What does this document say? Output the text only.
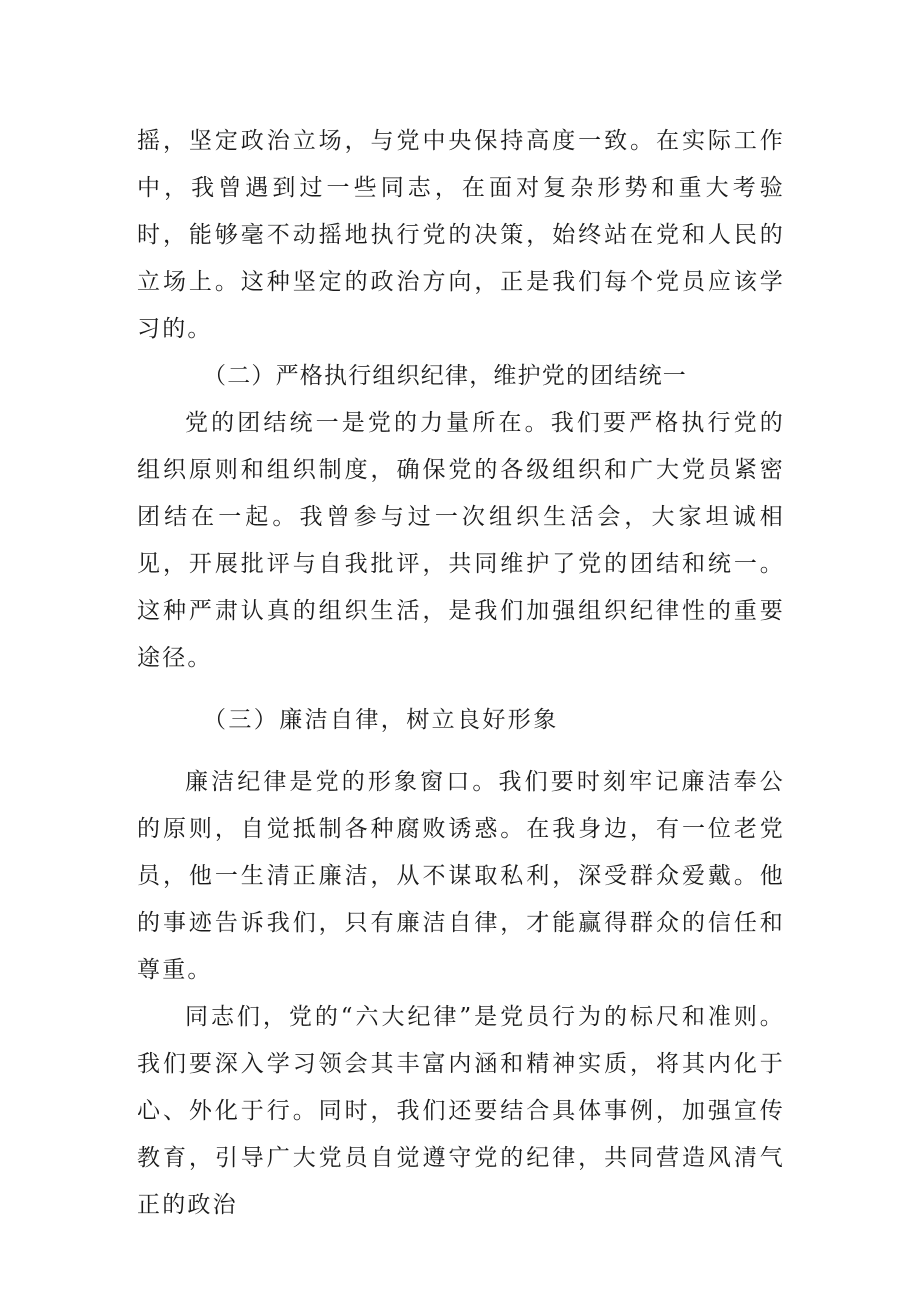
摇，坚定政治立场，与党中央保持高度一致。在实际工作中，我曾遇到过一些同志，在面对复杂形势和重大考验时，能够毫不动摇地执行党的决策，始终站在党和人民的立场上。这种坚定的政治方向，正是我们每个党员应该学习的。

（二）严格执行组织纪律，维护党的团结统一

党的团结统一是党的力量所在。我们要严格执行党的组织原则和组织制度，确保党的各级组织和广大党员紧密团结在一起。我曾参与过一次组织生活会，大家坦诚相见，开展批评与自我批评，共同维护了党的团结和统一。这种严肃认真的组织生活，是我们加强组织纪律性的重要途径。

（三）廉洁自律，树立良好形象

廉洁纪律是党的形象窗口。我们要时刻牢记廉洁奉公的原则，自觉抵制各种腐败诱惑。在我身边，有一位老党员，他一生清正廉洁，从不谋取私利，深受群众爱戴。他的事迹告诉我们，只有廉洁自律，才能赢得群众的信任和尊重。

同志们，党的“六大纪律”是党员行为的标尺和准则。我们要深入学习领会其丰富内涵和精神实质，将其内化于心、外化于行。同时，我们还要结合具体事例，加强宣传教育，引导广大党员自觉遵守党的纪律，共同营造风清气正的政治
